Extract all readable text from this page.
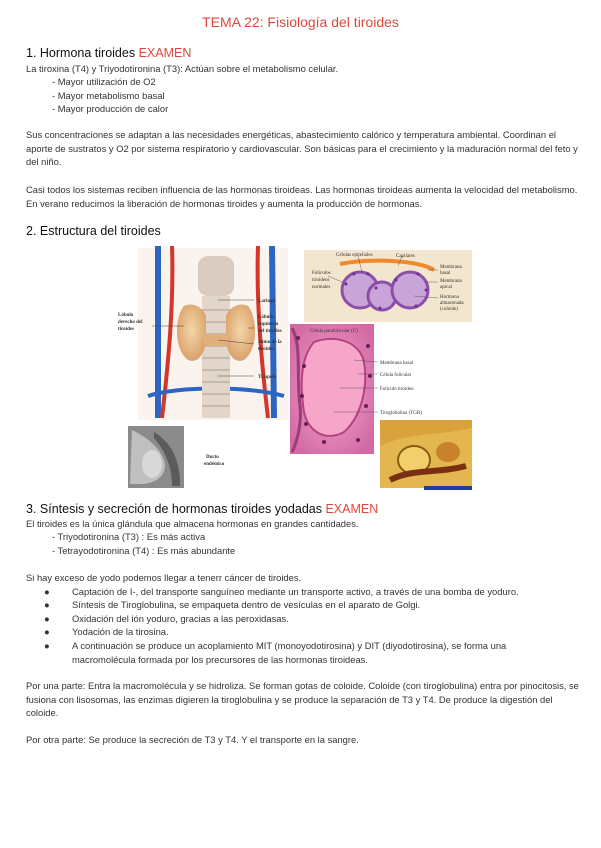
TEMA 22: Fisiología del tiroides
1. Hormona tiroides EXAMEN

La tiroxina (T4) y Triyodotironina (T3): Actúan sobre el metabolismo celular.

- Mayor utilización de O2

- Mayor metabolismo basal

- Mayor producción de calor

Sus concentraciones se adaptan a las necesidades energéticas, abastecimiento calórico y temperatura ambiental. Coordinan el aporte de sustratos y O2 por sistema respiratorio y cardiovascular. Son básicas para el crecimiento y la maduración normal del feto y del niño.

Casi todos los sistemas reciben influencia de las hormonas tiroideas. Las hormonas tiroideas aumenta la velocidad del metabolismo. En verano reducimos la liberación de hormonas tiroides y aumenta la producción de hormonas.

2. Estructura del tiroides
Laringe
Lóbulo
derecho del
tiroides
Lóbulo
izquierdo
del tiroides
Istmo de la
tiroides
Tráquea
Ducto
endémico
Células epiteliales	Capilares
Folículos
tiroideos
normales
Membrana
basal
Membrana
apical
Hormona
almacenada
(coloide)
Célula parafolicular (C)
Membrana basal
Célula folicular
Folículo tiroideo
Tiroglobulina (TGB)
3. Síntesis y secreción de hormonas tiroides yodadas EXAMEN

El tiroides es la única glándula que almacena hormonas en grandes cantidades.

- Triyodotironina (T3) : Es más activa

- Tetrayodotironina (T4) : Es más abundante

Si hay exceso de yodo podemos llegar a tenerr cáncer de tiroides.

●	Captación de I-, del transporte sanguíneo mediante un transporte activo, a través de una bomba de yoduro.
●	Síntesis de Tiroglobulina, se empaqueta dentro de vesículas en el aparato de Golgi.
●	Oxidación del ión yoduro, gracias a las peroxidasas.
●	Yodación de la tirosina.
●	A continuación se produce un acoplamiento MIT (monoyodotirosina) y DIT (diyodotirosina), se forma una macromolécula formada por los precursores de las hormonas tiroideas.

Por una parte: Entra la macromolécula y se hidroliza. Se forman gotas de coloide. Coloide (con tiroglobulina) entra por pinocitosis, se fusiona con lisosomas, las enzimas digieren la tiroglobulina y se produce la separación de T3 y T4. De produce la digestión del coloide.

Por otra parte: Se produce la secreción de T3 y T4. Y el transporte en la sangre.
